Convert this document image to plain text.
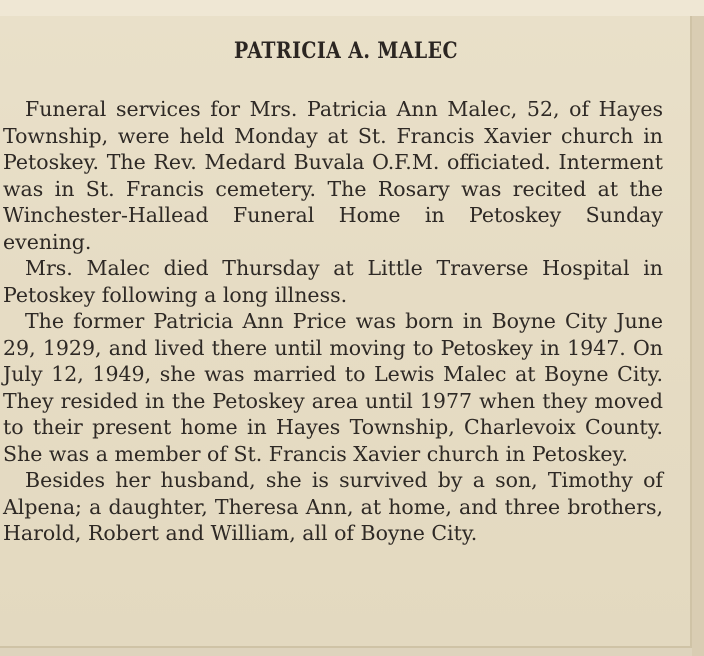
PATRICIA A. MALEC

Funeral services for Mrs. Patricia Ann Malec, 52, of Hayes Township, were held Monday at St. Francis Xavier church in Petoskey. The Rev. Medard Buvala O.F.M. officiated. Interment was in St. Francis cemetery. The Rosary was recited at the Winchester-Hallead Funeral Home in Petoskey Sunday evening.

Mrs. Malec died Thursday at Little Traverse Hospital in Petoskey following a long illness.

The former Patricia Ann Price was born in Boyne City June 29, 1929, and lived there until moving to Petoskey in 1947. On July 12, 1949, she was married to Lewis Malec at Boyne City. They resided in the Petoskey area until 1977 when they moved to their present home in Hayes Township, Charlevoix County. She was a member of St. Francis Xavier church in Petoskey.

Besides her husband, she is survived by a son, Timothy of Alpena; a daughter, Theresa Ann, at home, and three brothers, Harold, Robert and William, all of Boyne City.
